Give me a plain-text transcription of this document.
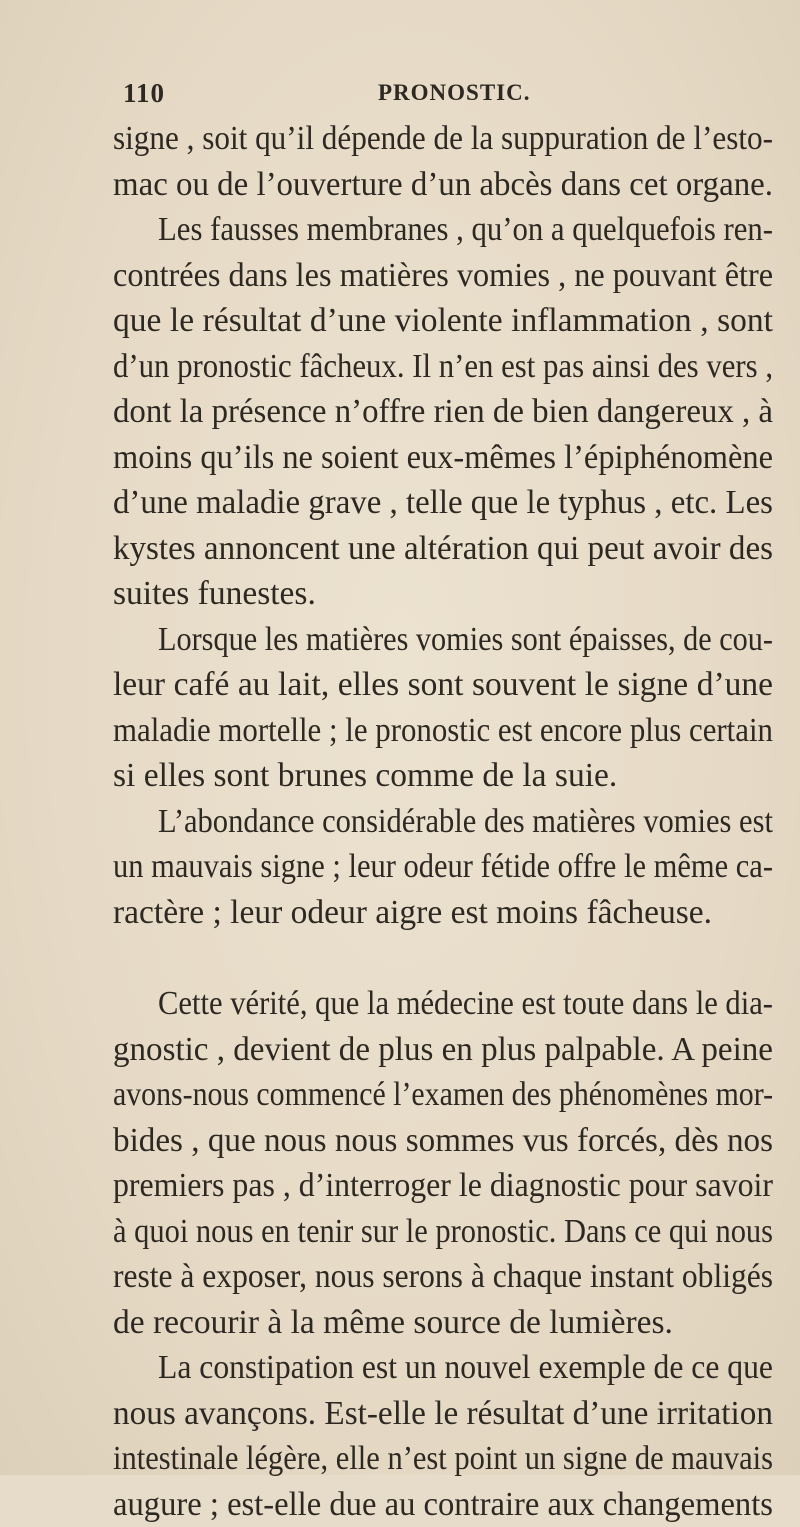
110	PRONOSTIC.

signe , soit qu’il dépende de la suppuration de l’esto-
mac ou de l’ouverture d’un abcès dans cet organe.

Les fausses membranes , qu’on a quelquefois ren-
contrées dans les matières vomies , ne pouvant être
que le résultat d’une violente inflammation , sont
d’un pronostic fâcheux. Il n’en est pas ainsi des vers ,
dont la présence n’offre rien de bien dangereux , à
moins qu’ils ne soient eux-mêmes l’épiphénomène
d’une maladie grave , telle que le typhus , etc. Les
kystes annoncent une altération qui peut avoir des
suites funestes.

Lorsque les matières vomies sont épaisses, de cou-
leur café au lait, elles sont souvent le signe d’une
maladie mortelle ; le pronostic est encore plus certain
si elles sont brunes comme de la suie.

L’abondance considérable des matières vomies est
un mauvais signe ; leur odeur fétide offre le même ca-
ractère ; leur odeur aigre est moins fâcheuse.

Cette vérité, que la médecine est toute dans le dia-
gnostic , devient de plus en plus palpable. A peine
avons-nous commencé l’examen des phénomènes mor-
bides , que nous nous sommes vus forcés, dès nos
premiers pas , d’interroger le diagnostic pour savoir
à quoi nous en tenir sur le pronostic. Dans ce qui nous
reste à exposer, nous serons à chaque instant obligés
de recourir à la même source de lumières.

La constipation est un nouvel exemple de ce que
nous avançons. Est-elle le résultat d’une irritation
intestinale légère, elle n’est point un signe de mauvais
augure ; est-elle due au contraire aux changements
